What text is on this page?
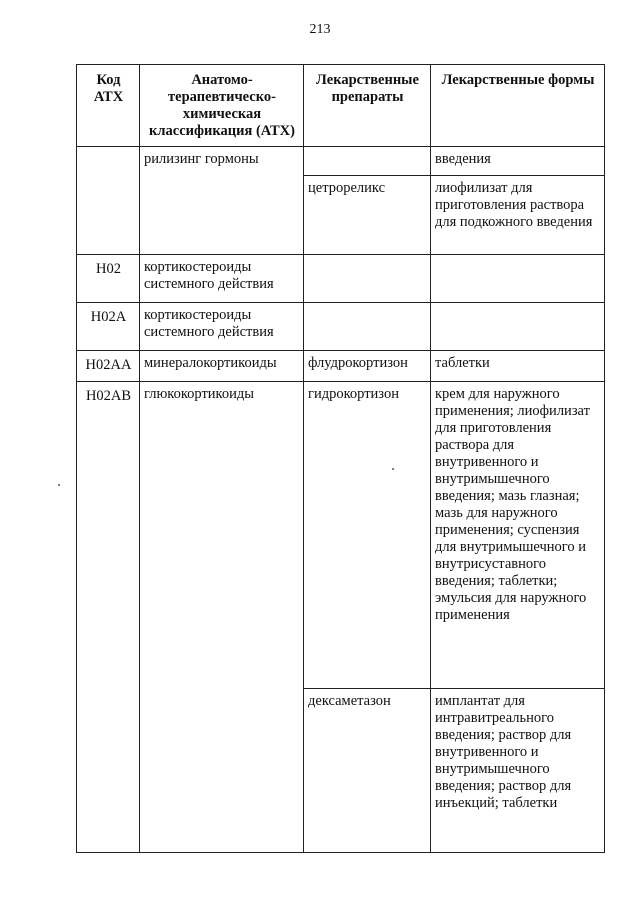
213
Код АТХ	Анатомо-терапевтическо-химическая классификация (АТХ)	Лекарственные препараты	Лекарственные формы
	рилизинг гормоны		введения
		цетрореликс	лиофилизат для приготовления раствора для подкожного введения
H02	кортикостероиды системного действия		
H02A	кортикостероиды системного действия		
H02AA	минералокортикоиды	флудрокортизон	таблетки
H02AB	глюкокортикоиды	гидрокортизон	крем для наружного применения; лиофилизат для приготовления раствора для внутривенного и внутримышечного введения; мазь глазная; мазь для наружного применения; суспензия для внутримышечного и внутрисуставного введения; таблетки; эмульсия для наружного применения
		дексаметазон	имплантат для интравитреального введения; раствор для внутривенного и внутримышечного введения; раствор для инъекций; таблетки
